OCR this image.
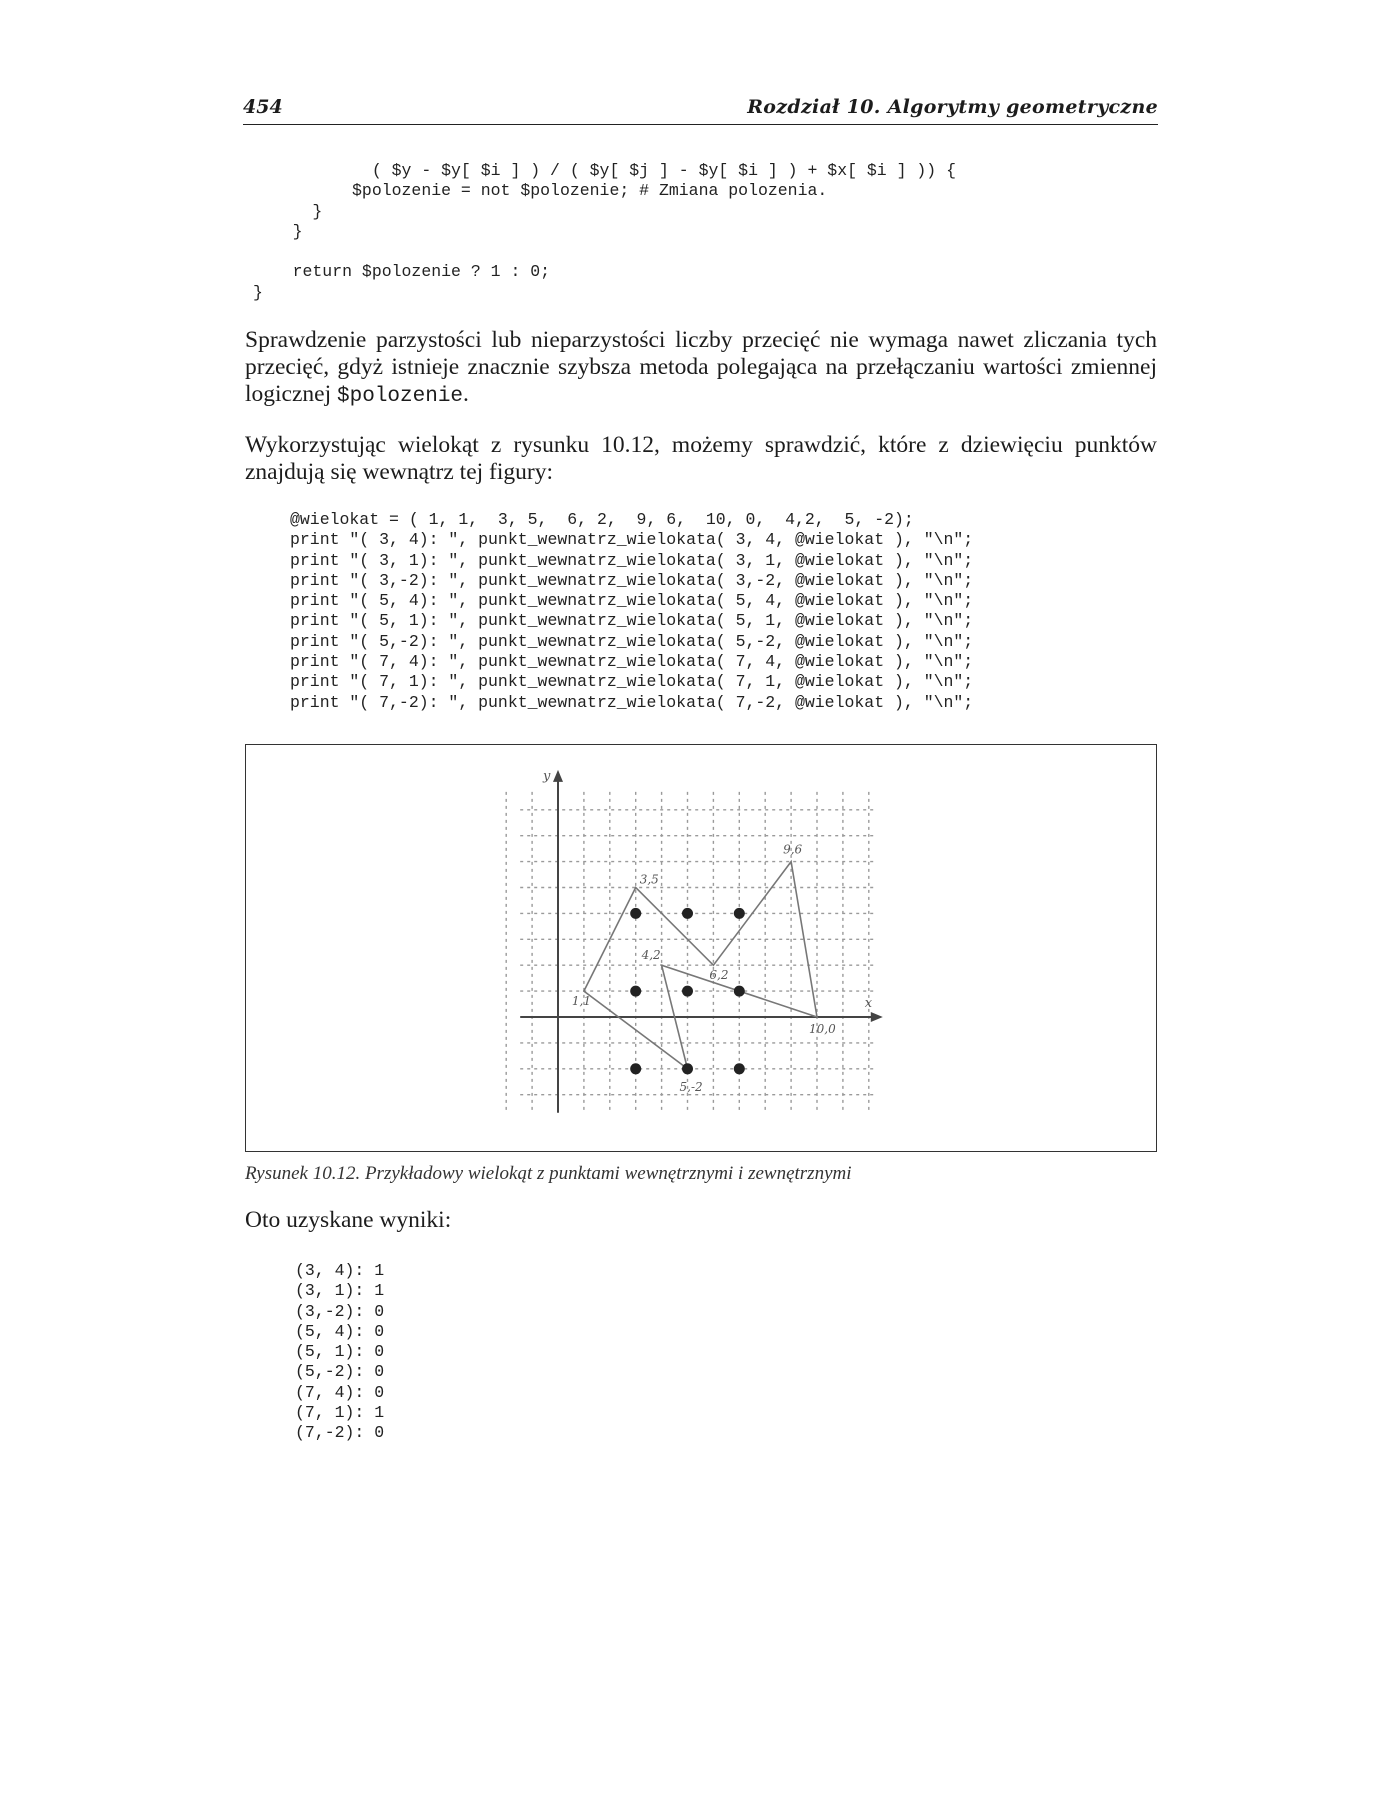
454	Rozdział 10. Algorytmy geometryczne
( $y - $y[ $i ] ) / ( $y[ $j ] - $y[ $i ] ) + $x[ $i ] )) {
$polozenie = not $polozenie; # Zmiana polozenia.
}
}

return $polozenie ? 1 : 0;
}

Sprawdzenie parzystości lub nieparzystości liczby przecięć nie wymaga nawet zliczania tych przecięć, gdyż istnieje znacznie szybsza metoda polegająca na przełączaniu wartości zmiennej logicznej $polozenie.

Wykorzystując wielokąt z rysunku 10.12, możemy sprawdzić, które z dziewięciu punktów znajdują się wewnątrz tej figury:

@wielokat = ( 1, 1,  3, 5,  6, 2,  9, 6,  10, 0,  4,2,  5, -2);
print "( 3, 4): ", punkt_wewnatrz_wielokata( 3, 4, @wielokat ), "\n";
print "( 3, 1): ", punkt_wewnatrz_wielokata( 3, 1, @wielokat ), "\n";
print "( 3,-2): ", punkt_wewnatrz_wielokata( 3,-2, @wielokat ), "\n";
print "( 5, 4): ", punkt_wewnatrz_wielokata( 5, 4, @wielokat ), "\n";
print "( 5, 1): ", punkt_wewnatrz_wielokata( 5, 1, @wielokat ), "\n";
print "( 5,-2): ", punkt_wewnatrz_wielokata( 5,-2, @wielokat ), "\n";
print "( 7, 4): ", punkt_wewnatrz_wielokata( 7, 4, @wielokat ), "\n";
print "( 7, 1): ", punkt_wewnatrz_wielokata( 7, 1, @wielokat ), "\n";
print "( 7,-2): ", punkt_wewnatrz_wielokata( 7,-2, @wielokat ), "\n";
y
x
1,1
3,5
6,2
9,6
10,0
4,2
5,-2
Rysunek 10.12. Przykładowy wielokąt z punktami wewnętrznymi i zewnętrznymi

Oto uzyskane wyniki:

(3, 4): 1
(3, 1): 1
(3,-2): 0
(5, 4): 0
(5, 1): 0
(5,-2): 0
(7, 4): 0
(7, 1): 1
(7,-2): 0
